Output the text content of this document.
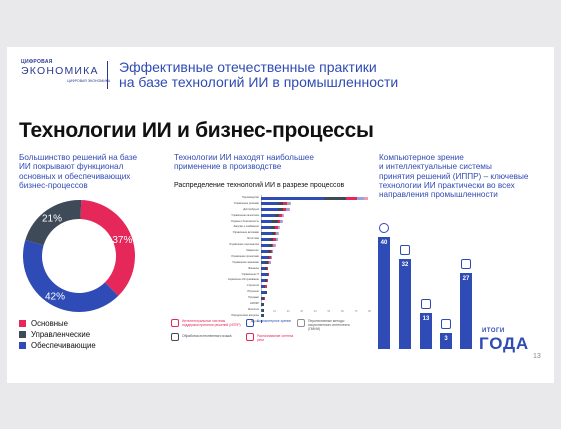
ЦИФРОВАЯ
ЭКОНОМИКА
ЦИФРОВАЯ ЭКОНОМИКА
Эффективные отечественные практики
на базе технологий ИИ в промышленности
Технологии ИИ и бизнес-процессы
Большинство решений на базе
ИИ покрывают функционал
основных и обеспечивающих
бизнес-процессов
Технологии ИИ находят наибольшее
применение в производстве
Компьютерное зрение
и интеллектуальные системы
принятия решений (ИППР) – ключевые
технологии ИИ практически во всех
направления промышленности
37%
42%
21%
Основные
Управленческие
Обеспечивающие
Распределение технологий ИИ в разрезе процессов
Производство
Управление рисками
Дистрибуция
Управление качеством
Охрана и безопасность
Закупки и снабжение
Управление активами
Логистика
Управление персоналом
Маркетинг
Управление проектами
Управление знаниями
Финансы
Управление IT
Сервисное обслуживание
Стратегия
Обучение
Продажи
НИОКР
Экология
Юридические вопросы
Другое
0	10	20	30	40	50	60	70	80
Интеллектуальные системы поддержки принятия решений (ИППР)
Компьютерное зрение	Перспективные методы искусственного интеллекта (ПМИИ)
Обработка естественного языка	Распознавание синтеза речи
40
32
13
3
27
ИТОГИ
ГОДА
13
